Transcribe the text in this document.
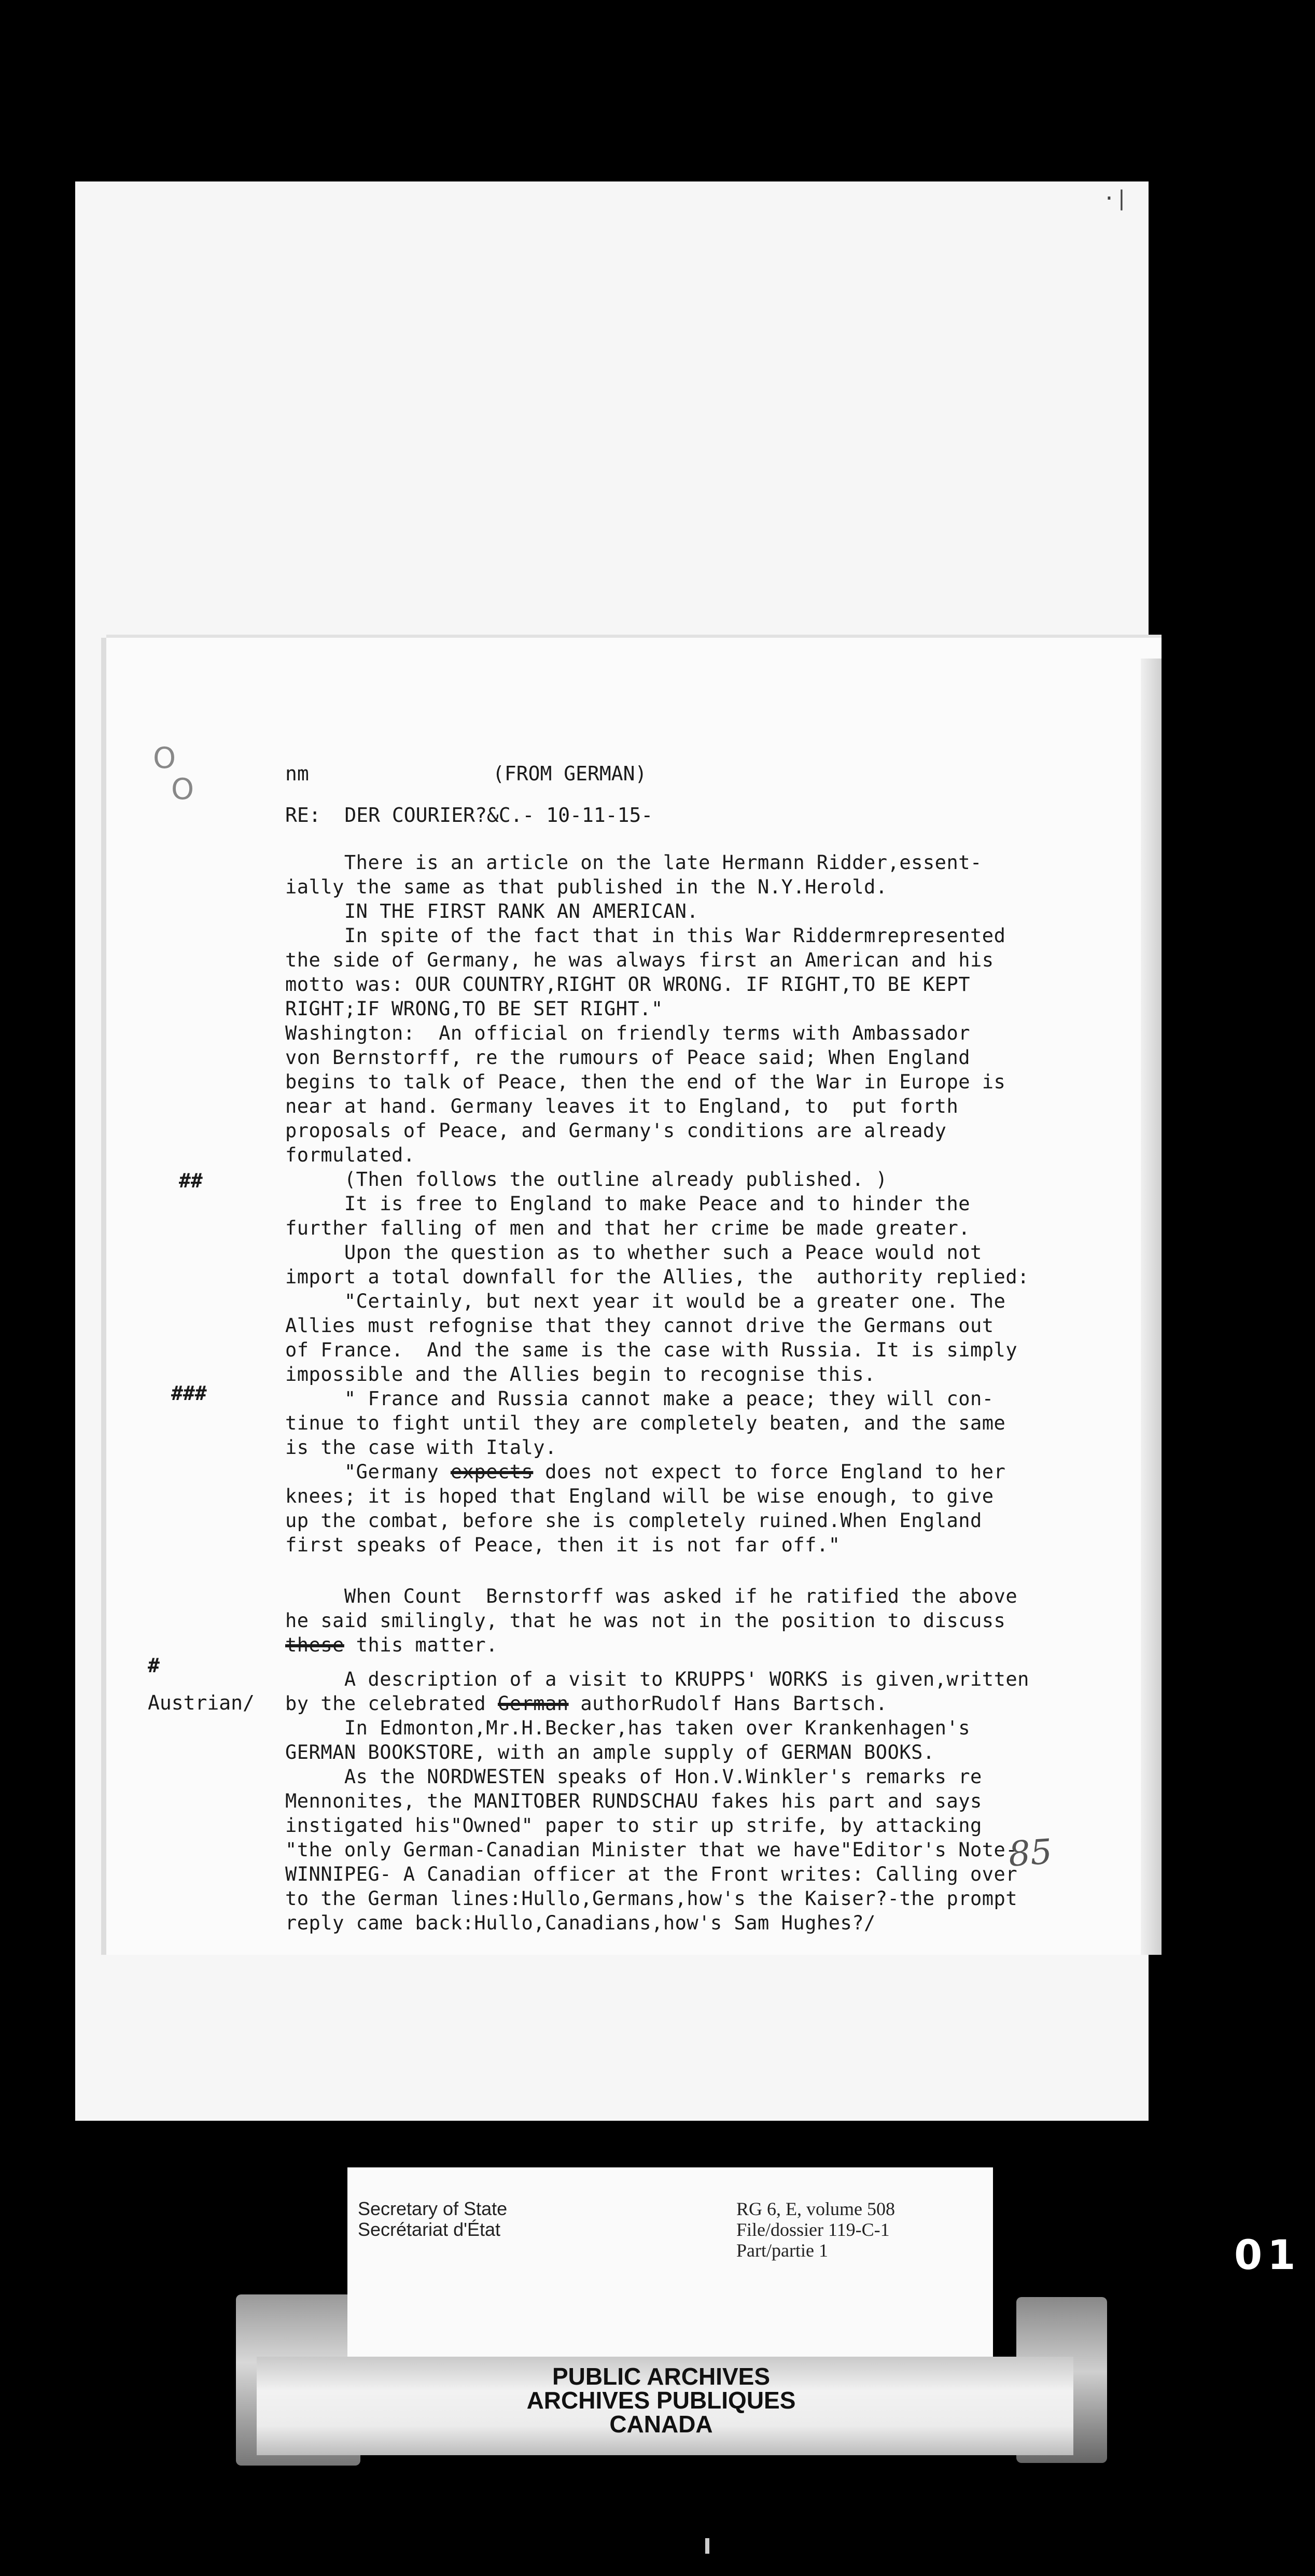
·|
O
O	nm	(FROM GERMAN)
RE:  DER COURIER?&C.- 10-11-15-
There is an article on the late Hermann Ridder,essent-
ially the same as that published in the N.Y.Herold.
IN THE FIRST RANK AN AMERICAN.
In spite of the fact that in this War Riddermrepresented
the side of Germany, he was always first an American and his
motto was: OUR COUNTRY,RIGHT OR WRONG. IF RIGHT,TO BE KEPT
RIGHT;IF WRONG,TO BE SET RIGHT."
Washington:  An official on friendly terms with Ambassador
von Bernstorff, re the rumours of Peace said; When England
begins to talk of Peace, then the end of the War in Europe is
near at hand. Germany leaves it to England, to  put forth
proposals of Peace, and Germany's conditions are already
formulated.
(Then follows the outline already published. )
It is free to England to make Peace and to hinder the
further falling of men and that her crime be made greater.
Upon the question as to whether such a Peace would not
import a total downfall for the Allies, the  authority replied:
"Certainly, but next year it would be a greater one. The
Allies must refognise that they cannot drive the Germans out
of France.  And the same is the case with Russia. It is simply
impossible and the Allies begin to recognise this.
" France and Russia cannot make a peace; they will con-
tinue to fight until they are completely beaten, and the same
is the case with Italy.
"Germany expects does not expect to force England to her
knees; it is hoped that England will be wise enough, to give
up the combat, before she is completely ruined.When England
first speaks of Peace, then it is not far off."
When Count  Bernstorff was asked if he ratified the above
he said smilingly, that he was not in the position to discuss
these this matter.
A description of a visit to KRUPPS' WORKS is given,written
by the celebrated German authorRudolf Hans Bartsch.
In Edmonton,Mr.H.Becker,has taken over Krankenhagen's
GERMAN BOOKSTORE, with an ample supply of GERMAN BOOKS.
As the NORDWESTEN speaks of Hon.V.Winkler's remarks re
Mennonites, the MANITOBER RUNDSCHAU fakes his part and says
instigated his"Owned" paper to stir up strife, by attacking
"the only German-Canadian Minister that we have"Editor's Note-
WINNIPEG- A Canadian officer at the Front writes: Calling over
to the German lines:Hullo,Germans,how's the Kaiser?-the prompt
reply came back:Hullo,Canadians,how's Sam Hughes?/
##
###
#
Austrian/
85
Secretary of State
Secrétariat d'État
RG 6, E, volume 508
File/dossier 119-C-1
Part/partie 1
PUBLIC ARCHIVES
ARCHIVES PUBLIQUES
CANADA
01
